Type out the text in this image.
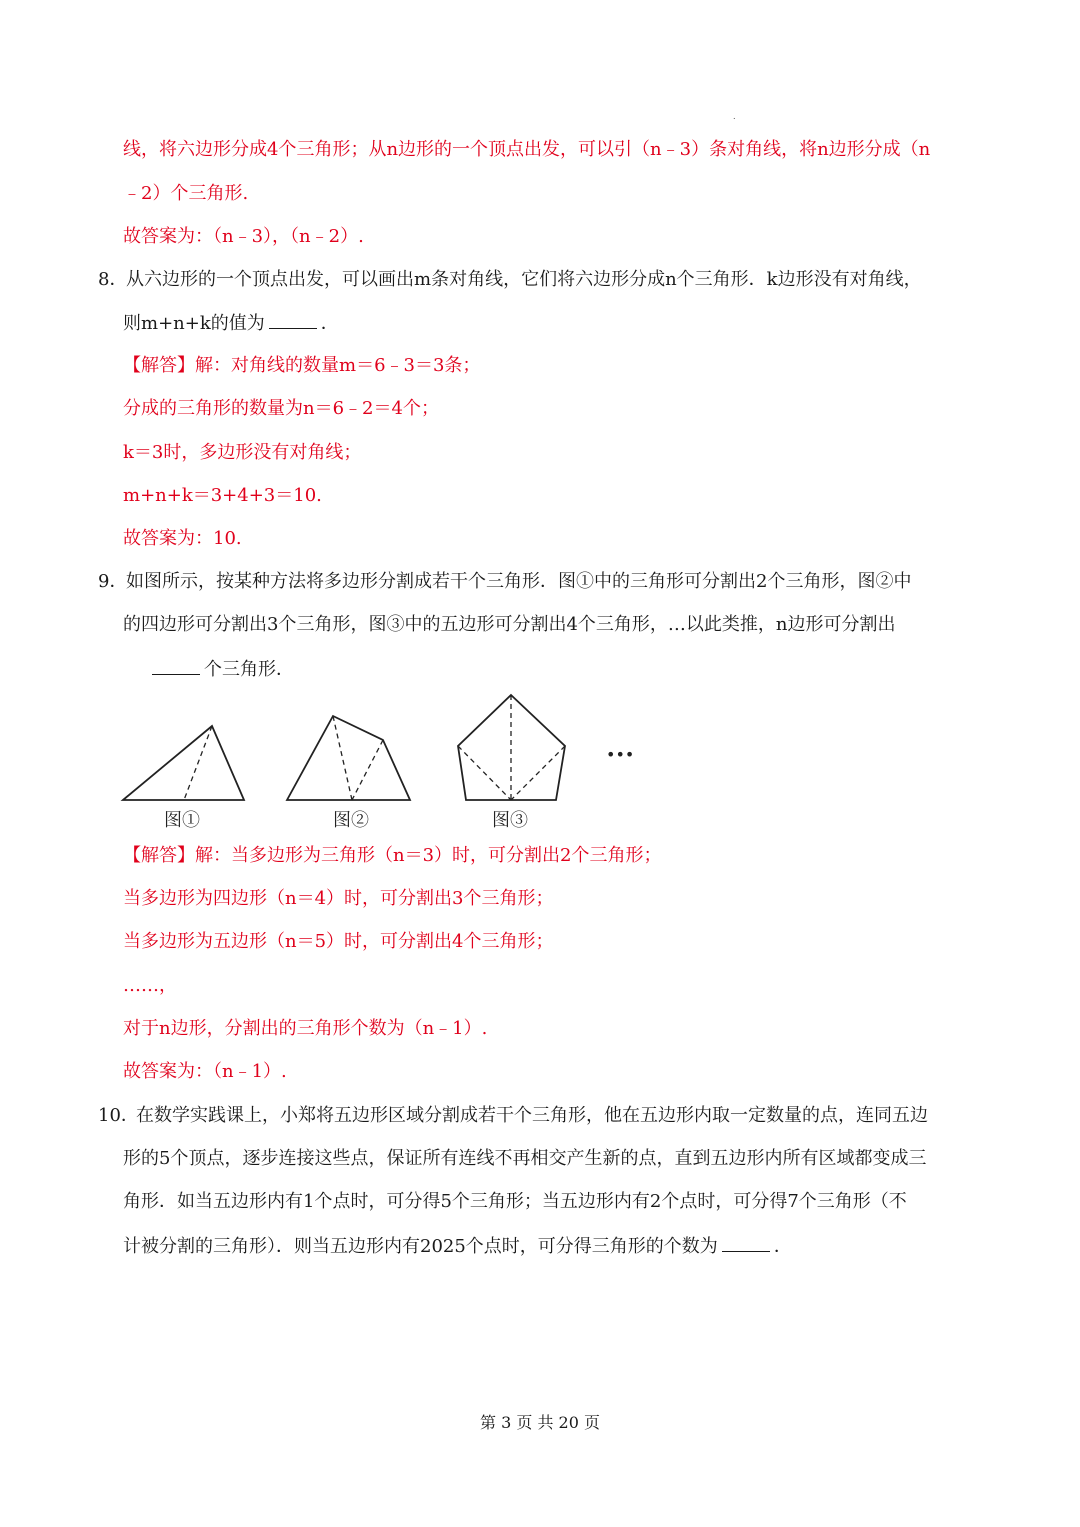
.
线，将六边形分成4个三角形；从n边形的一个顶点出发，可以引（n﹣3）条对角线，将n边形分成（n
﹣2）个三角形.
故答案为：（n﹣3），（n﹣2）.
8．
从六边形的一个顶点出发，可以画出m条对角线，它们将六边形分成n个三角形．k边形没有对角线，
则m+n+k的值为	．
【解答】解：对角线的数量m＝6﹣3＝3条；
分成的三角形的数量为n＝6﹣2＝4个；
k＝3时，多边形没有对角线；
m+n+k＝3+4+3＝10.
故答案为：10.
9．
如图所示，按某种方法将多边形分割成若干个三角形．图①中的三角形可分割出2个三角形，图②中
的四边形可分割出3个三角形，图③中的五边形可分割出4个三角形，…以此类推，n边形可分割出
个三角形．
•••
图①	图②	图③
【解答】解：当多边形为三角形（n＝3）时，可分割出2个三角形；
当多边形为四边形（n＝4）时，可分割出3个三角形；
当多边形为五边形（n＝5）时，可分割出4个三角形；
……，
对于n边形，分割出的三角形个数为（n﹣1）.
故答案为：（n﹣1）.
10．
在数学实践课上，小郑将五边形区域分割成若干个三角形，他在五边形内取一定数量的点，连同五边
形的5个顶点，逐步连接这些点，保证所有连线不再相交产生新的点，直到五边形内所有区域都变成三
角形．如当五边形内有1个点时，可分得5个三角形；当五边形内有2个点时，可分得7个三角形（不
计被分割的三角形）．则当五边形内有2025个点时，可分得三角形的个数为	．
第 3 页 共 20 页
